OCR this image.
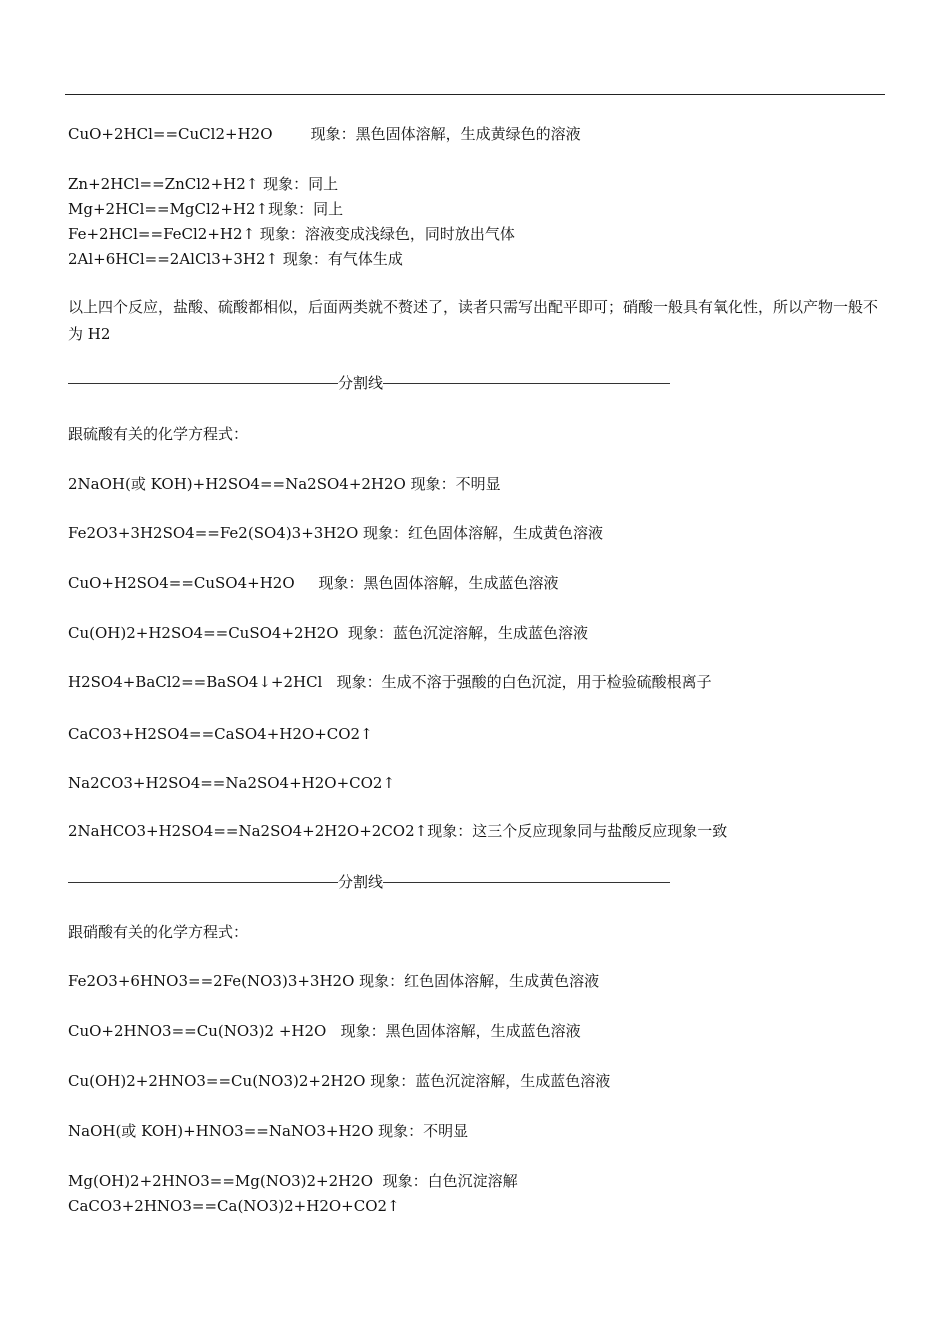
CuO+2HCl==CuCl2+H2O        现象：黑色固体溶解，生成黄绿色的溶液

Zn+2HCl==ZnCl2+H2↑ 现象：同上

Mg+2HCl==MgCl2+H2↑现象：同上

Fe+2HCl==FeCl2+H2↑ 现象：溶液变成浅绿色，同时放出气体

2Al+6HCl==2AlCl3+3H2↑ 现象：有气体生成

以上四个反应，盐酸、硫酸都相似，后面两类就不赘述了，读者只需写出配平即可；硝酸一般具有氧化性，所以产物一般不为 H2

分割线

跟硫酸有关的化学方程式：

2NaOH(或 KOH)+H2SO4==Na2SO4+2H2O 现象：不明显

Fe2O3+3H2SO4==Fe2(SO4)3+3H2O 现象：红色固体溶解，生成黄色溶液

CuO+H2SO4==CuSO4+H2O     现象：黑色固体溶解，生成蓝色溶液

Cu(OH)2+H2SO4==CuSO4+2H2O  现象：蓝色沉淀溶解，生成蓝色溶液

H2SO4+BaCl2==BaSO4↓+2HCl   现象：生成不溶于强酸的白色沉淀，用于检验硫酸根离子

CaCO3+H2SO4==CaSO4+H2O+CO2↑

Na2CO3+H2SO4==Na2SO4+H2O+CO2↑

2NaHCO3+H2SO4==Na2SO4+2H2O+2CO2↑现象：这三个反应现象同与盐酸反应现象一致

分割线

跟硝酸有关的化学方程式：

Fe2O3+6HNO3==2Fe(NO3)3+3H2O 现象：红色固体溶解，生成黄色溶液

CuO+2HNO3==Cu(NO3)2 +H2O   现象：黑色固体溶解，生成蓝色溶液

Cu(OH)2+2HNO3==Cu(NO3)2+2H2O 现象：蓝色沉淀溶解，生成蓝色溶液

NaOH(或 KOH)+HNO3==NaNO3+H2O 现象：不明显

Mg(OH)2+2HNO3==Mg(NO3)2+2H2O  现象：白色沉淀溶解

CaCO3+2HNO3==Ca(NO3)2+H2O+CO2↑
